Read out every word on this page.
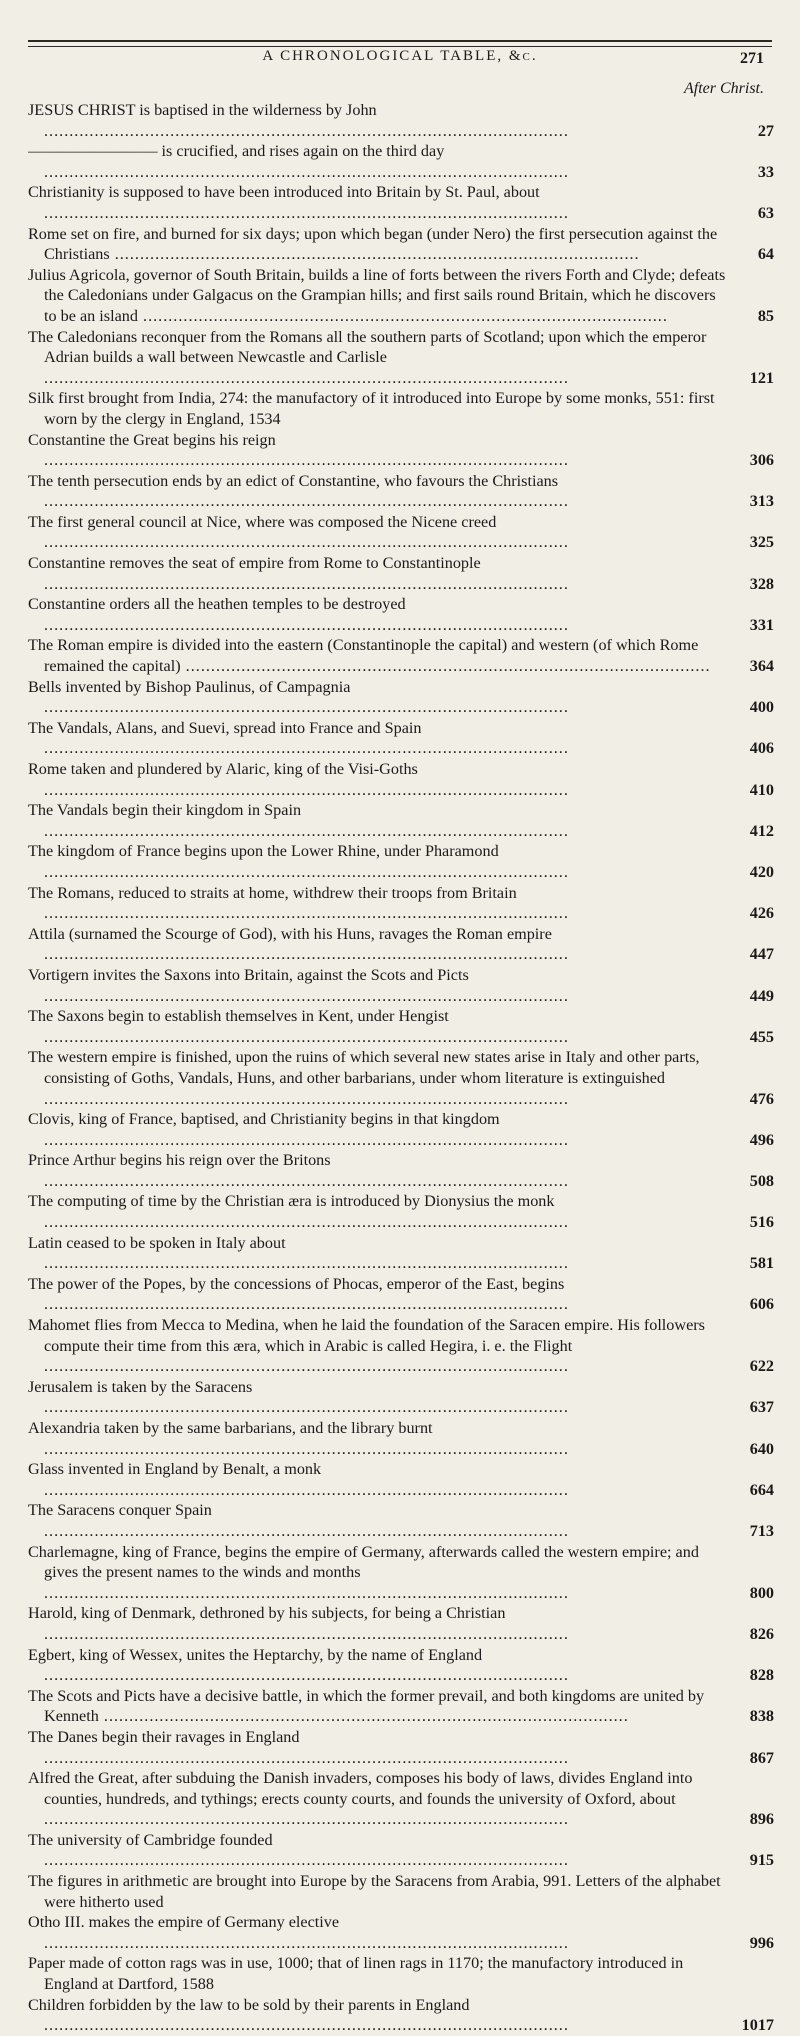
A CHRONOLOGICAL TABLE, &c.	271
After Christ.
JESUS CHRIST is baptised in the wilderness by John .....
27
———————— is crucified, and rises again on the third day .....
33
Christianity is supposed to have been introduced into Britain by St. Paul, about .....
63
Rome set on fire, and burned for six days; upon which began (under Nero) the first persecution against the Christians .....	64
Julius Agricola, governor of South Britain, builds a line of forts between the rivers Forth and Clyde; defeats the Caledonians under Galgacus on the Grampian hills; and first sails round Britain, which he discovers to be an island .....	85
The Caledonians reconquer from the Romans all the southern parts of Scotland; upon which the emperor Adrian builds a wall between Newcastle and Carlisle .....
121
Silk first brought from India, 274: the manufactory of it introduced into Europe by some monks, 551: first worn by the clergy in England, 1534
Constantine the Great begins his reign .....
306
The tenth persecution ends by an edict of Constantine, who favours the Christians .....
313
The first general council at Nice, where was composed the Nicene creed .....
325
Constantine removes the seat of empire from Rome to Constantinople .....
328
Constantine orders all the heathen temples to be destroyed .....
331
The Roman empire is divided into the eastern (Constantinople the capital) and western (of which Rome remained the capital) .....	364
Bells invented by Bishop Paulinus, of Campagnia .....
400
The Vandals, Alans, and Suevi, spread into France and Spain .....
406
Rome taken and plundered by Alaric, king of the Visi-Goths .....
410
The Vandals begin their kingdom in Spain .....
412
The kingdom of France begins upon the Lower Rhine, under Pharamond .....
420
The Romans, reduced to straits at home, withdrew their troops from Britain .....
426
Attila (surnamed the Scourge of God), with his Huns, ravages the Roman empire .....
447
Vortigern invites the Saxons into Britain, against the Scots and Picts .....
449
The Saxons begin to establish themselves in Kent, under Hengist .....
455
The western empire is finished, upon the ruins of which several new states arise in Italy and other parts, consisting of Goths, Vandals, Huns, and other barbarians, under whom literature is extinguished .....
476
Clovis, king of France, baptised, and Christianity begins in that kingdom .....
496
Prince Arthur begins his reign over the Britons .....
508
The computing of time by the Christian æra is introduced by Dionysius the monk .....
516
Latin ceased to be spoken in Italy about .....
581
The power of the Popes, by the concessions of Phocas, emperor of the East, begins .....
606
Mahomet flies from Mecca to Medina, when he laid the foundation of the Saracen empire. His followers compute their time from this æra, which in Arabic is called Hegira, i. e. the Flight .....
622
Jerusalem is taken by the Saracens .....
637
Alexandria taken by the same barbarians, and the library burnt .....
640
Glass invented in England by Benalt, a monk .....
664
The Saracens conquer Spain .....
713
Charlemagne, king of France, begins the empire of Germany, afterwards called the western empire; and gives the present names to the winds and months .....
800
Harold, king of Denmark, dethroned by his subjects, for being a Christian .....
826
Egbert, king of Wessex, unites the Heptarchy, by the name of England .....
828
The Scots and Picts have a decisive battle, in which the former prevail, and both kingdoms are united by Kenneth .....	838
The Danes begin their ravages in England .....
867
Alfred the Great, after subduing the Danish invaders, composes his body of laws, divides England into counties, hundreds, and tythings; erects county courts, and founds the university of Oxford, about .....
896
The university of Cambridge founded .....
915
The figures in arithmetic are brought into Europe by the Saracens from Arabia, 991. Letters of the alphabet were hitherto used
Otho III. makes the empire of Germany elective .....
996
Paper made of cotton rags was in use, 1000; that of linen rags in 1170; the manufactory introduced in England at Dartford, 1588
Children forbidden by the law to be sold by their parents in England .....
1017
